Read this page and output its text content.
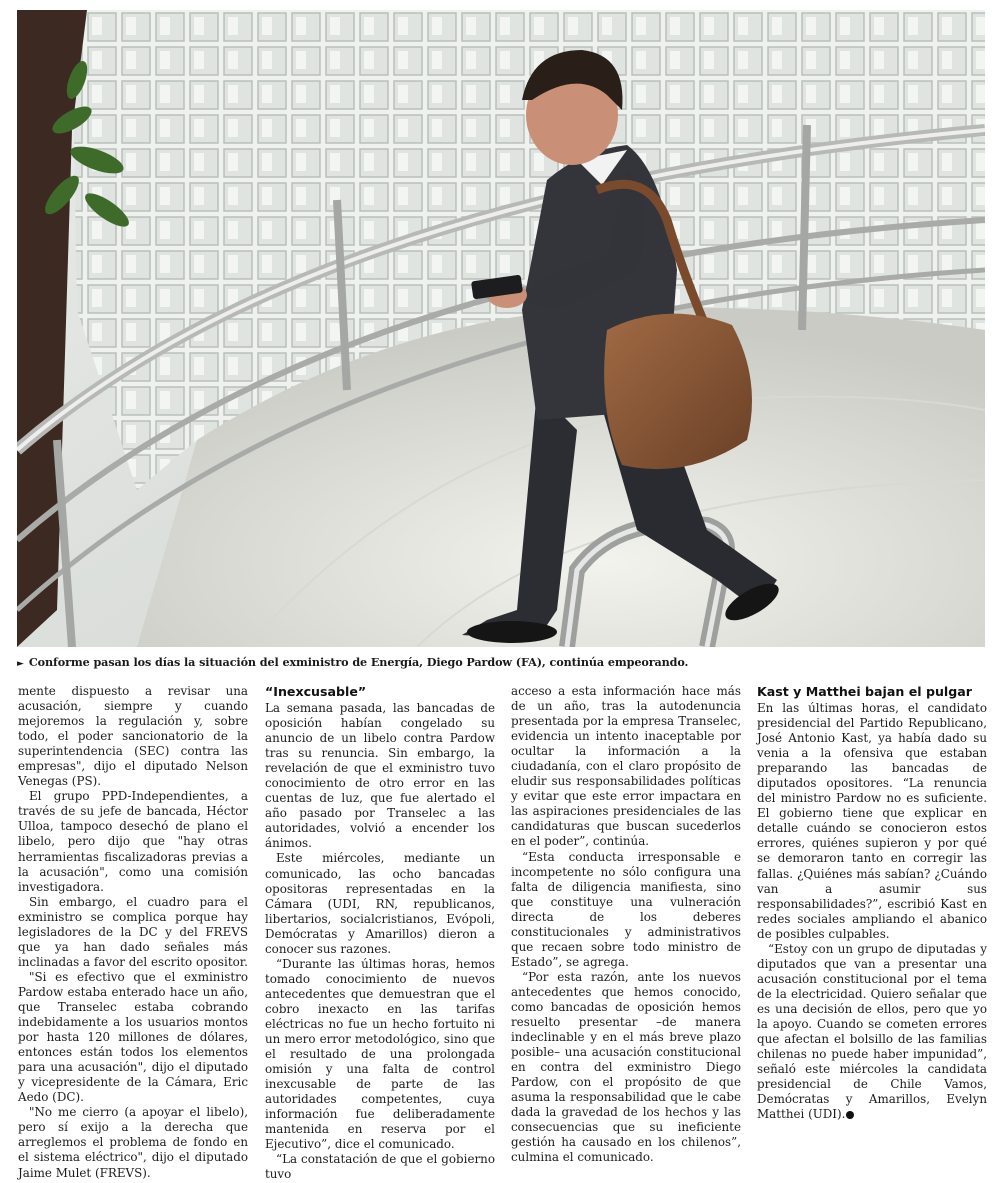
► Conforme pasan los días la situación del exministro de Energía, Diego Pardow (FA), continúa empeorando.

mente dispuesto a revisar una acusación, siempre y cuando mejoremos la regulación y, sobre todo, el poder sancionatorio de la superintendencia (SEC) contra las empresas", dijo el diputado Nelson Venegas (PS).

El grupo PPD-Independientes, a través de su jefe de bancada, Héctor Ulloa, tampoco desechó de plano el libelo, pero dijo que "hay otras herramientas fiscalizadoras previas a la acusación", como una comisión investigadora.

Sin embargo, el cuadro para el exministro se complica porque hay legisladores de la DC y del FREVS que ya han dado señales más inclinadas a favor del escrito opositor.

"Si es efectivo que el exministro Pardow estaba enterado hace un año, que Transelec estaba cobrando indebidamente a los usuarios montos por hasta 120 millones de dólares, entonces están todos los elementos para una acusación", dijo el diputado y vicepresidente de la Cámara, Eric Aedo (DC).

"No me cierro (a apoyar el libelo), pero sí exijo a la derecha que arreglemos el problema de fondo en el sistema eléctrico", dijo el diputado Jaime Mulet (FREVS).

“Inexcusable”

La semana pasada, las bancadas de oposición habían congelado su anuncio de un libelo contra Pardow tras su renuncia. Sin embargo, la revelación de que el exministro tuvo conocimiento de otro error en las cuentas de luz, que fue alertado el año pasado por Transelec a las autoridades, volvió a encender los ánimos.

Este miércoles, mediante un comunicado, las ocho bancadas opositoras representadas en la Cámara (UDI, RN, republicanos, libertarios, socialcristianos, Evópoli, Demócratas y Amarillos) dieron a conocer sus razones.

“Durante las últimas horas, hemos tomado conocimiento de nuevos antecedentes que demuestran que el cobro inexacto en las tarifas eléctricas no fue un hecho fortuito ni un mero error metodológico, sino que el resultado de una prolongada omisión y una falta de control inexcusable de parte de las autoridades competentes, cuya información fue deliberadamente mantenida en reserva por el Ejecutivo”, dice el comunicado.

“La constatación de que el gobierno tuvo

acceso a esta información hace más de un año, tras la autodenuncia presentada por la empresa Transelec, evidencia un intento inaceptable por ocultar la información a la ciudadanía, con el claro propósito de eludir sus responsabilidades políticas y evitar que este error impactara en las aspiraciones presidenciales de las candidaturas que buscan sucederlos en el poder”, continúa.

“Esta conducta irresponsable e incompetente no sólo configura una falta de diligencia manifiesta, sino que constituye una vulneración directa de los deberes constitucionales y administrativos que recaen sobre todo ministro de Estado”, se agrega.

“Por esta razón, ante los nuevos antecedentes que hemos conocido, como bancadas de oposición hemos resuelto presentar –de manera indeclinable y en el más breve plazo posible– una acusación constitucional en contra del exministro Diego Pardow, con el propósito de que asuma la responsabilidad que le cabe dada la gravedad de los hechos y las consecuencias que su ineficiente gestión ha causado en los chilenos”, culmina el comunicado.

Kast y Matthei bajan el pulgar

En las últimas horas, el candidato presidencial del Partido Republicano, José Antonio Kast, ya había dado su venia a la ofensiva que estaban preparando las bancadas de diputados opositores. “La renuncia del ministro Pardow no es suficiente. El gobierno tiene que explicar en detalle cuándo se conocieron estos errores, quiénes supieron y por qué se demoraron tanto en corregir las fallas. ¿Quiénes más sabían? ¿Cuándo van a asumir sus responsabilidades?”, escribió Kast en redes sociales ampliando el abanico de posibles culpables.

“Estoy con un grupo de diputadas y diputados que van a presentar una acusación constitucional por el tema de la electricidad. Quiero señalar que es una decisión de ellos, pero que yo la apoyo. Cuando se cometen errores que afectan el bolsillo de las familias chilenas no puede haber impunidad”, señaló este miércoles la candidata presidencial de Chile Vamos, Demócratas y Amarillos, Evelyn Matthei (UDI).
